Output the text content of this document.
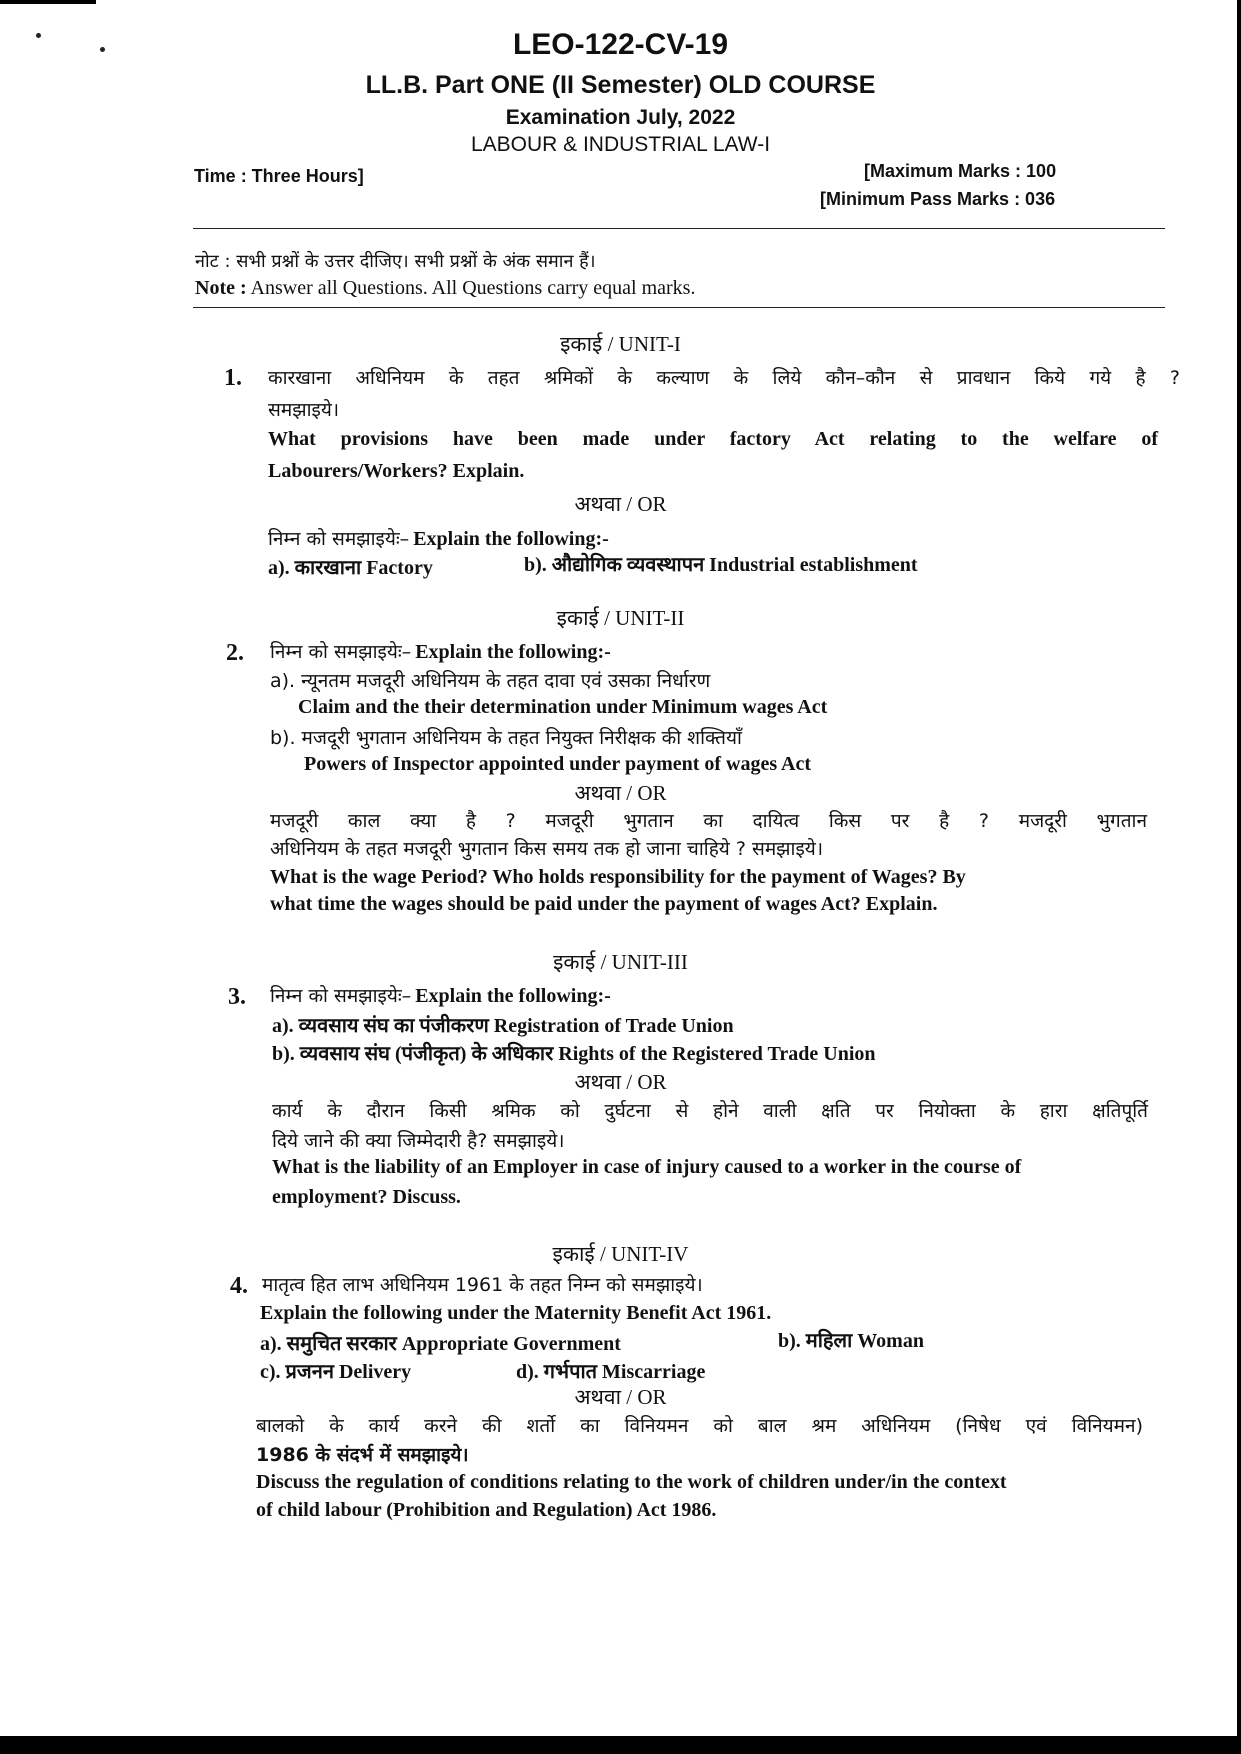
LEO-122-CV-19
LL.B. Part ONE (II Semester) OLD COURSE
Examination July, 2022
LABOUR & INDUSTRIAL LAW-I
Time : Three Hours]	[Maximum Marks : 100
[Minimum Pass Marks : 036
नोट : सभी प्रश्नों के उत्तर दीजिए। सभी प्रश्नों के अंक समान हैं।
Note : Answer all Questions. All Questions carry equal marks.
इकाई / UNIT-I
1. कारखाना अधिनियम के तहत श्रमिकों के कल्याण के लिये कौन–कौन से प्रावधान किये गये है ?
समझाइये।
What provisions have been made under factory Act relating to the welfare of
Labourers/Workers? Explain.
अथवा / OR
निम्न को समझाइयेः– Explain the following:-
a). कारखाना Factory	b). औद्योगिक व्यवस्थापन Industrial establishment
इकाई / UNIT-II
2. निम्न को समझाइयेः– Explain the following:-
a). न्यूनतम मजदूरी अधिनियम के तहत दावा एवं उसका निर्धारण
Claim and the their determination under Minimum wages Act
b). मजदूरी भुगतान अधिनियम के तहत नियुक्त निरीक्षक की शक्तियाँ
Powers of Inspector appointed under payment of wages Act
अथवा / OR
मजदूरी काल क्या है ? मजदूरी भुगतान का दायित्व किस पर है ? मजदूरी भुगतान
अधिनियम के तहत मजदूरी भुगतान किस समय तक हो जाना चाहिये ? समझाइये।
What is the wage Period? Who holds responsibility for the payment of Wages? By
what time the wages should be paid under the payment of wages Act? Explain.
इकाई / UNIT-III
3. निम्न को समझाइयेः– Explain the following:-
a). व्यवसाय संघ का पंजीकरण Registration of Trade Union
b). व्यवसाय संघ (पंजीकृत) के अधिकार Rights of the Registered Trade Union
अथवा / OR
कार्य के दौरान किसी श्रमिक को दुर्घटना से होने वाली क्षति पर नियोक्ता के हारा क्षतिपूर्ति
दिये जाने की क्या जिम्मेदारी है? समझाइये।
What is the liability of an Employer in case of injury caused to a worker in the course of
employment? Discuss.
इकाई / UNIT-IV
4. मातृत्व हित लाभ अधिनियम 1961 के तहत निम्न को समझाइये।
Explain the following under the Maternity Benefit Act 1961.
a). समुचित सरकार Appropriate Government	b). महिला Woman
c). प्रजनन Delivery	d). गर्भपात Miscarriage
अथवा / OR
बालको के कार्य करने की शर्तो का विनियमन को बाल श्रम अधिनियम (निषेध एवं विनियमन)
1986 के संदर्भ में समझाइये।
Discuss the regulation of conditions relating to the work of children under/in the context
of child labour (Prohibition and Regulation) Act 1986.
